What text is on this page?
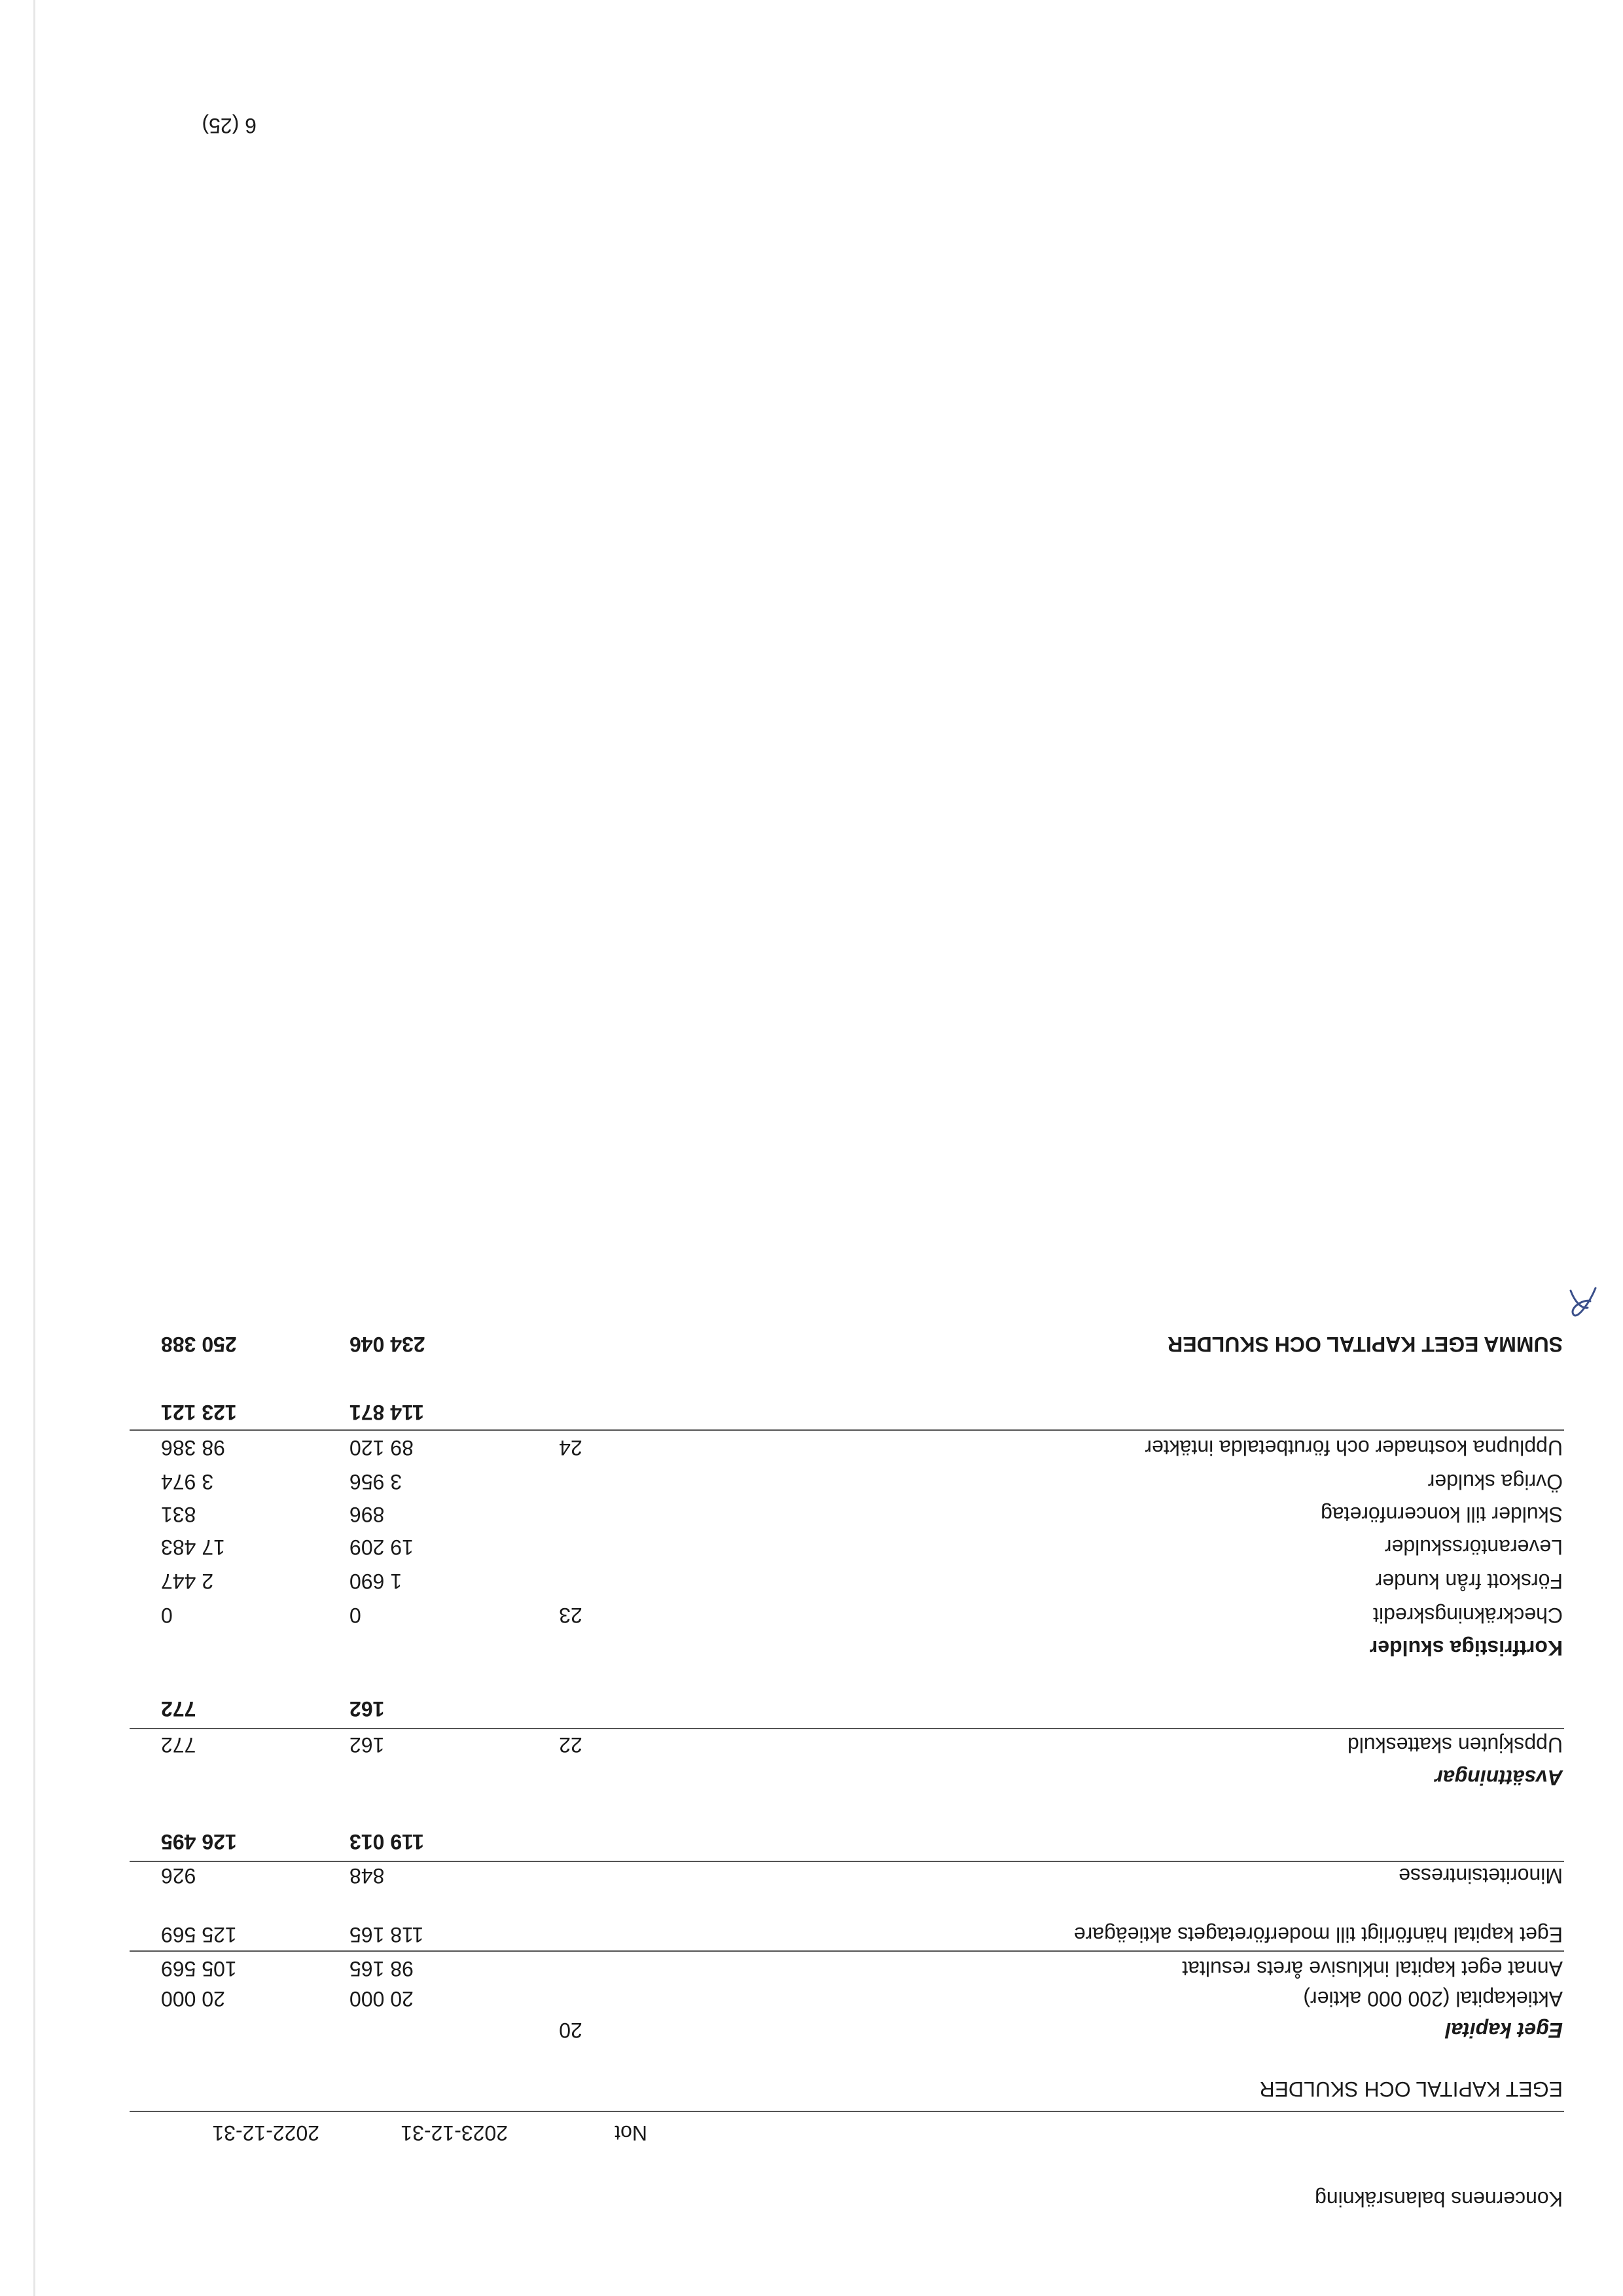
Koncernens balansräkning
Not
2023-12-31
2022-12-31
EGET KAPITAL OCH SKULDER
Eget kapital
20
Aktiekapital (200 000 aktier)
20 000
20 000
Annat eget kapital inklusive årets resultat
98 165
105 569
Eget kapital hänförligt till moderföretagets aktieägare
118 165
125 569
Minoritetsintresse
848
926
119 013
126 495
Avsättningar
Uppskjuten skatteskuld
22
162
772
162
772
Kortfristiga skulder
Checkräkningskredit
23
0
0
Förskott från kunder
1 690
2 447
Leverantörsskulder
19 209
17 483
Skulder till koncernföretag
896
831
Övriga skulder
3 956
3 974
Upplupna kostnader och förutbetalda intäkter
24
89 120
98 386
114 871
123 121
SUMMA EGET KAPITAL OCH SKULDER
234 046
250 388
6 (25)
